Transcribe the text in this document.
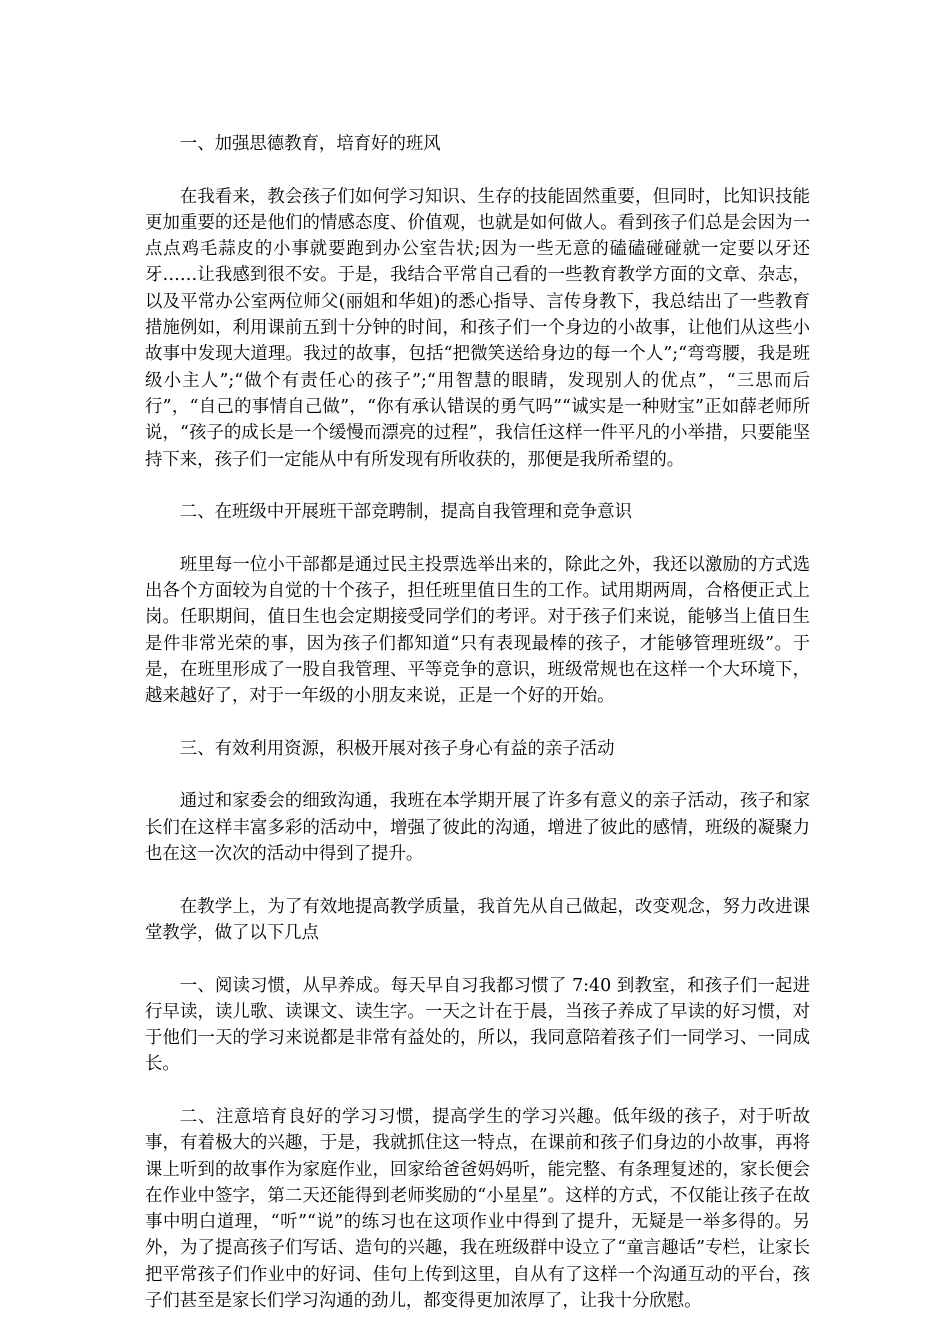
一、加强思德教育，培育好的班风

在我看来，教会孩子们如何学习知识、生存的技能固然重要，但同时，比知识技能更加重要的还是他们的情感态度、价值观，也就是如何做人。看到孩子们总是会因为一点点鸡毛蒜皮的小事就要跑到办公室告状;因为一些无意的磕磕碰碰就一定要以牙还牙……让我感到很不安。于是，我结合平常自己看的一些教育教学方面的文章、杂志，以及平常办公室两位师父(丽姐和华姐)的悉心指导、言传身教下，我总结出了一些教育措施例如，利用课前五到十分钟的时间，和孩子们一个身边的小故事，让他们从这些小故事中发现大道理。我过的故事，包括“把微笑送给身边的每一个人”;“弯弯腰，我是班级小主人”;“做个有责任心的孩子”;“用智慧的眼睛，发现别人的优点”，“三思而后行”，“自己的事情自己做”，“你有承认错误的勇气吗”“诚实是一种财宝”正如薛老师所说，“孩子的成长是一个缓慢而漂亮的过程”，我信任这样一件平凡的小举措，只要能坚持下来，孩子们一定能从中有所发现有所收获的，那便是我所希望的。

二、在班级中开展班干部竞聘制，提高自我管理和竞争意识

班里每一位小干部都是通过民主投票选举出来的，除此之外，我还以激励的方式选出各个方面较为自觉的十个孩子，担任班里值日生的工作。试用期两周，合格便正式上岗。任职期间，值日生也会定期接受同学们的考评。对于孩子们来说，能够当上值日生是件非常光荣的事，因为孩子们都知道“只有表现最棒的孩子，才能够管理班级”。于是，在班里形成了一股自我管理、平等竞争的意识，班级常规也在这样一个大环境下，越来越好了，对于一年级的小朋友来说，正是一个好的开始。

三、有效利用资源，积极开展对孩子身心有益的亲子活动

通过和家委会的细致沟通，我班在本学期开展了许多有意义的亲子活动，孩子和家长们在这样丰富多彩的活动中，增强了彼此的沟通，增进了彼此的感情，班级的凝聚力也在这一次次的活动中得到了提升。

在教学上，为了有效地提高教学质量，我首先从自己做起，改变观念，努力改进课堂教学，做了以下几点

一、阅读习惯，从早养成。每天早自习我都习惯了 7:40 到教室，和孩子们一起进行早读，读儿歌、读课文、读生字。一天之计在于晨，当孩子养成了早读的好习惯，对于他们一天的学习来说都是非常有益处的，所以，我同意陪着孩子们一同学习、一同成长。

二、注意培育良好的学习习惯，提高学生的学习兴趣。低年级的孩子，对于听故事，有着极大的兴趣，于是，我就抓住这一特点，在课前和孩子们身边的小故事，再将课上听到的故事作为家庭作业，回家给爸爸妈妈听，能完整、有条理复述的，家长便会在作业中签字，第二天还能得到老师奖励的“小星星”。这样的方式，不仅能让孩子在故事中明白道理，“听”“说”的练习也在这项作业中得到了提升，无疑是一举多得的。另外，为了提高孩子们写话、造句的兴趣，我在班级群中设立了“童言趣话”专栏，让家长把平常孩子们作业中的好词、佳句上传到这里，自从有了这样一个沟通互动的平台，孩子们甚至是家长们学习沟通的劲儿，都变得更加浓厚了，让我十分欣慰。
